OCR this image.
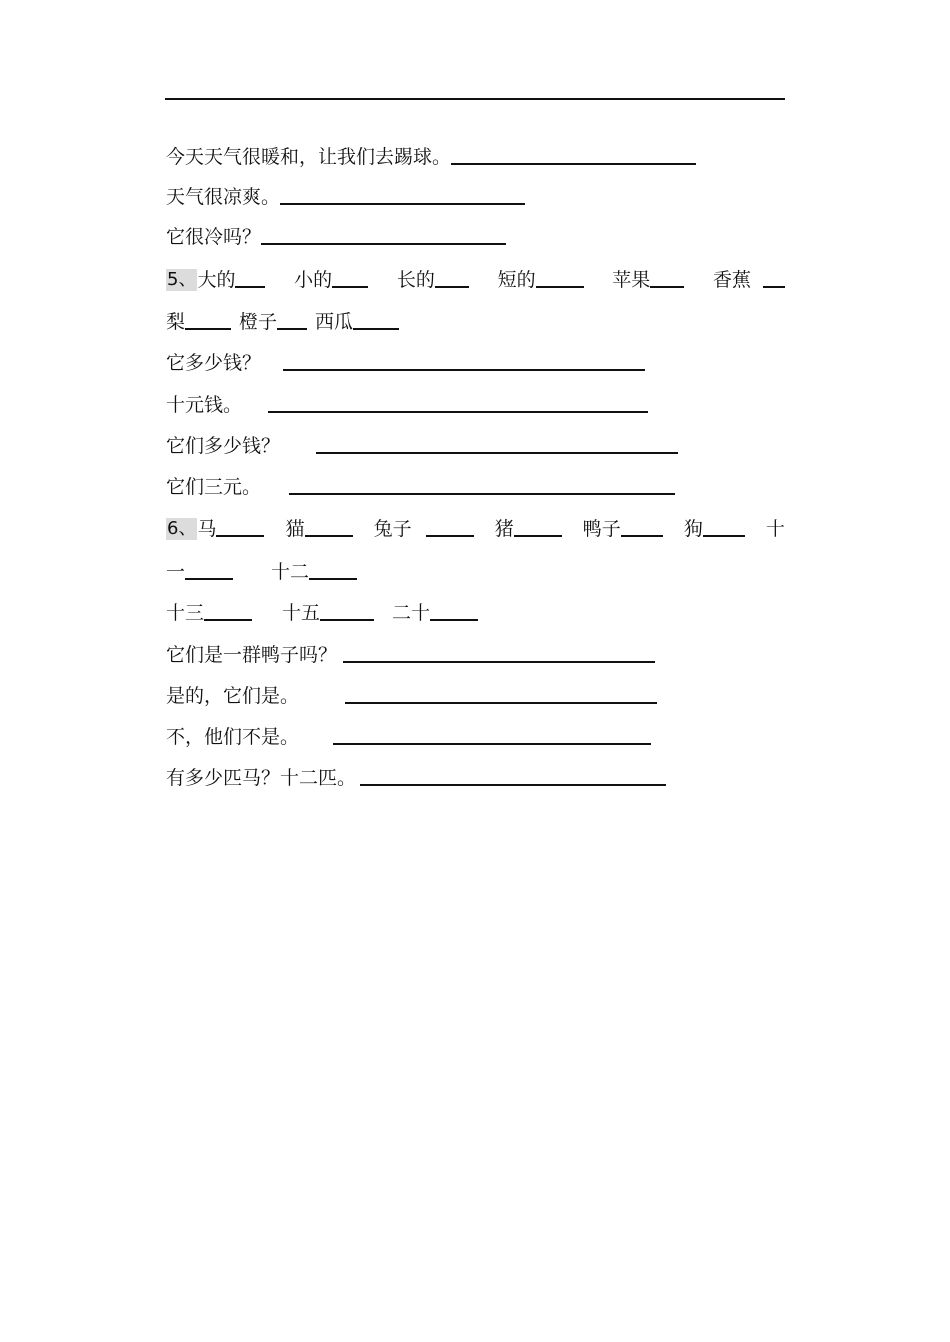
今天天气很暖和，让我们去踢球。
天气很凉爽。
它很冷吗？
5、 大的	小的	长的	短的	苹果	香蕉
梨	橙子 西瓜
它多少钱？
十元钱。
它们多少钱？
它们三元。
6、 马	猫	兔子	猪	鸭子	狗	十
一	十二
十三	十五	二十
它们是一群鸭子吗？
是的，它们是。
不，他们不是。
有多少匹马？十二匹。
